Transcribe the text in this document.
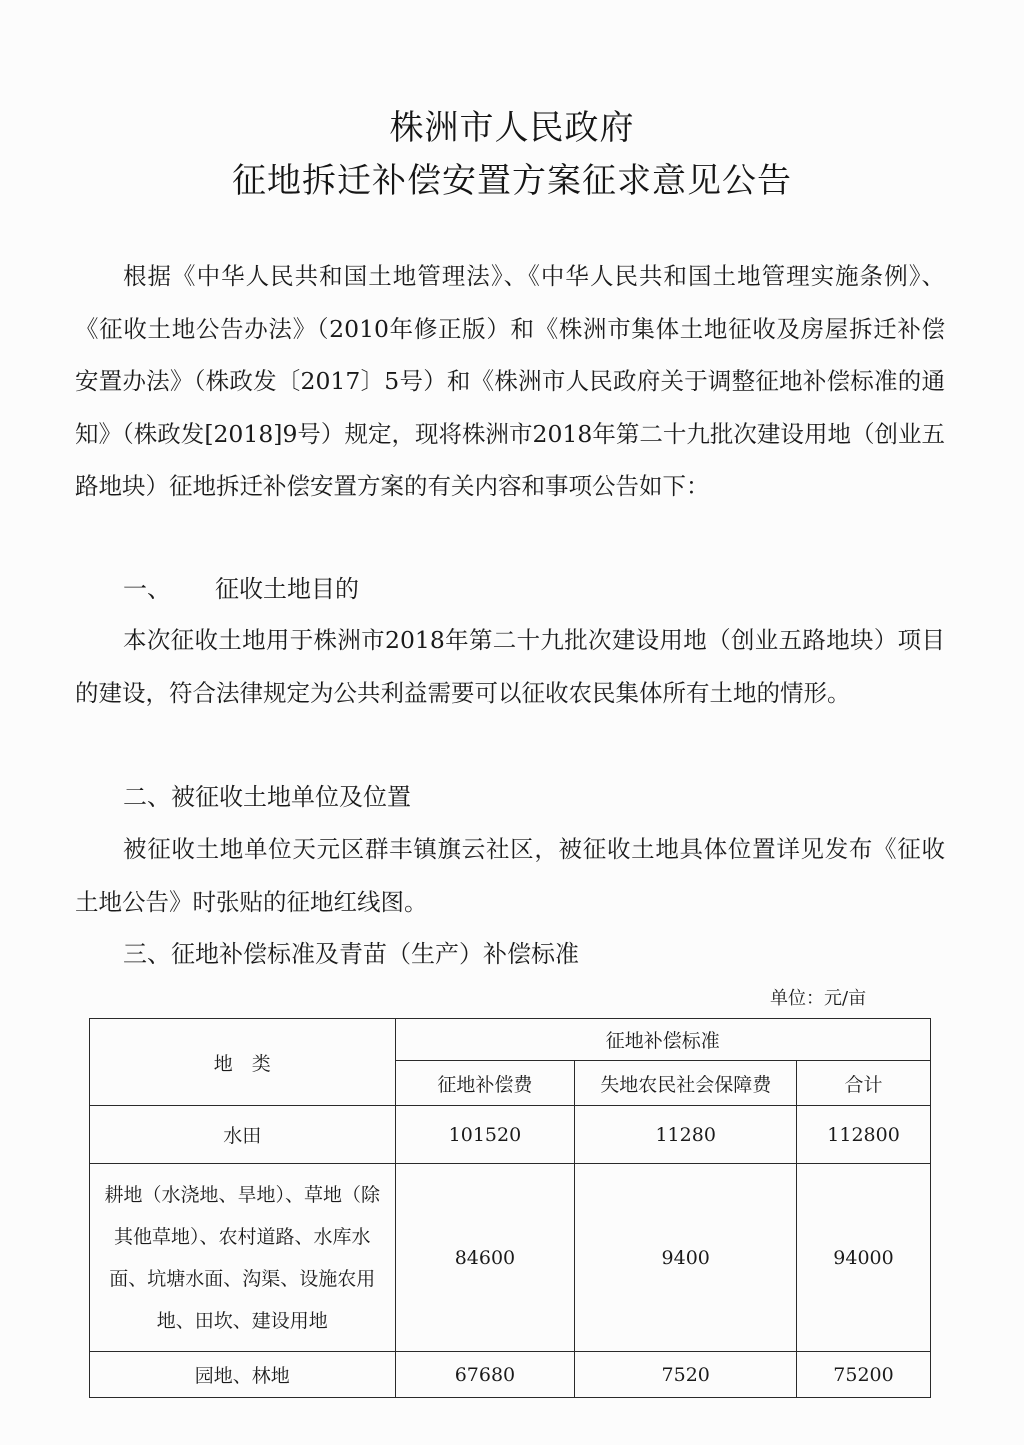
株洲市人民政府
征地拆迁补偿安置方案征求意见公告

根据《中华人民共和国土地管理法》、《中华人民共和国土地管理实施条例》、《征收土地公告办法》（2010年修正版）和《株洲市集体土地征收及房屋拆迁补偿安置办法》（株政发〔2017〕5号）和《株洲市人民政府关于调整征地补偿标准的通知》（株政发[2018]9号）规定，现将株洲市2018年第二十九批次建设用地（创业五路地块）征地拆迁补偿安置方案的有关内容和事项公告如下：

一、 征收土地目的

本次征收土地用于株洲市2018年第二十九批次建设用地（创业五路地块）项目的建设，符合法律规定为公共利益需要可以征收农民集体所有土地的情形。

二、被征收土地单位及位置

被征收土地单位天元区群丰镇旗云社区，被征收土地具体位置详见发布《征收土地公告》时张贴的征地红线图。

三、征地补偿标准及青苗（生产）补偿标准
单位：元/亩
地　类	征地补偿标准		
	征地补偿费	失地农民社会保障费	合计
水田	101520	11280	112800

耕地（水浇地、旱地）、草地（除
其他草地）、农村道路、水库水
面、坑塘水面、沟渠、设施农用
地、田坎、建设用地	84600	9400	94000
园地、林地	67680	7520	75200
